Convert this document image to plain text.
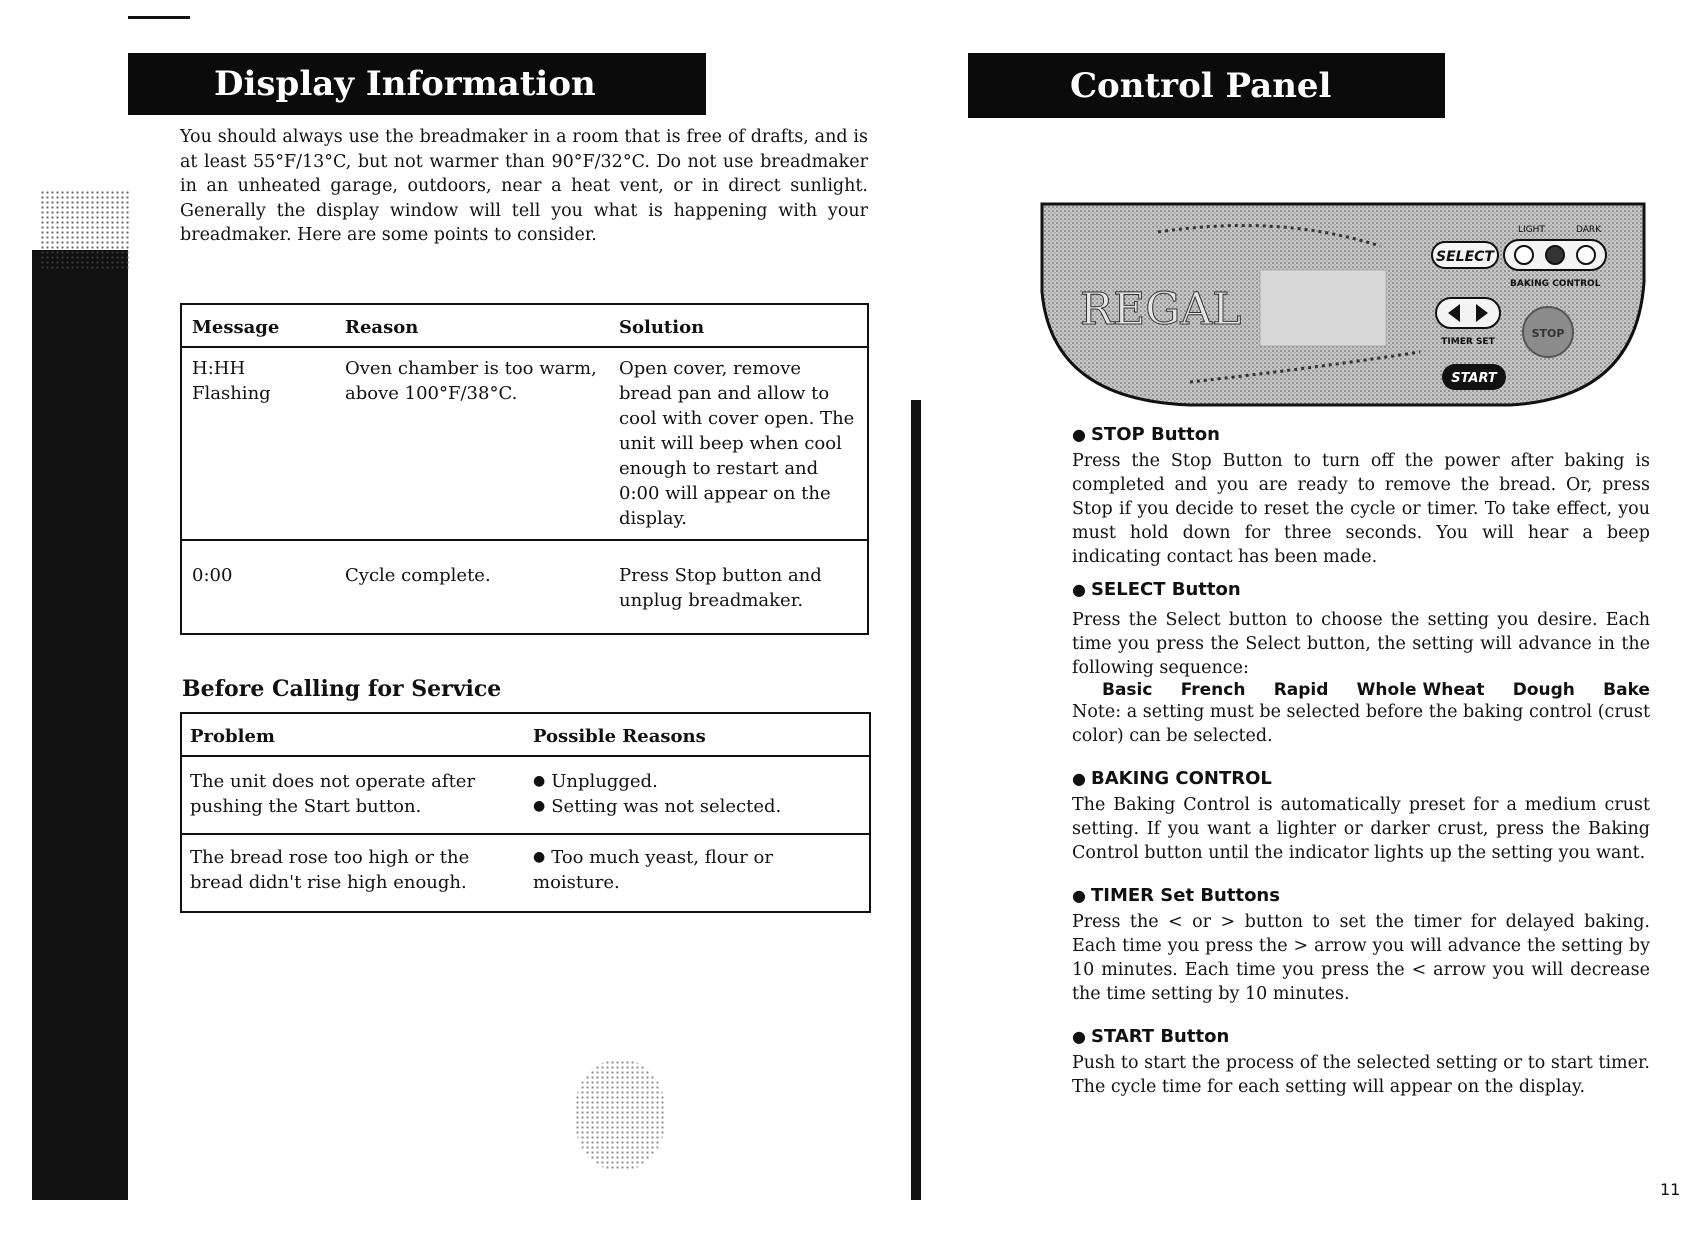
Display Information
You should always use the breadmaker in a room that is free of drafts, and is at least 55°F/13°C, but not warmer than 90°F/32°C. Do not use breadmaker in an unheated garage, outdoors, near a heat vent, or in direct sunlight. Generally the display window will tell you what is happening with your breadmaker. Here are some points to consider.
Message	Reason	Solution
H:HH Flashing	Oven chamber is too warm, above 100°F/38°C.	Open cover, remove bread pan and allow to cool with cover open. The unit will beep when cool enough to restart and 0:00 will appear on the display.
0:00	Cycle complete.	Press Stop button and unplug breadmaker.
Before Calling for Service
Problem	Possible Reasons
The unit does not operate after pushing the Start button.	● Unplugged.
● Setting was not selected.

The bread rose too high or the bread didn't rise high enough.	● Too much yeast, flour or moisture.
Control Panel
REGAL
SELECT
LIGHT	DARK
BAKING CONTROL
TIMER SET
STOP
START
● STOP Button
Press the Stop Button to turn off the power after baking is completed and you are ready to remove the bread. Or, press Stop if you decide to reset the cycle or timer. To take effect, you must hold down for three seconds. You will hear a beep indicating contact has been made.
● SELECT Button
Press the Select button to choose the setting you desire. Each time you press the Select button, the setting will advance in the following sequence:
Basic French Rapid Whole Wheat Dough Bake
Note: a setting must be selected before the baking control (crust color) can be selected.
● BAKING CONTROL
The Baking Control is automatically preset for a medium crust setting. If you want a lighter or darker crust, press the Baking Control button until the indicator lights up the setting you want.
● TIMER Set Buttons
Press the < or > button to set the timer for delayed baking. Each time you press the > arrow you will advance the setting by 10 minutes. Each time you press the < arrow you will decrease the time setting by 10 minutes.
● START Button
Push to start the process of the selected setting or to start timer. The cycle time for each setting will appear on the display.
11
